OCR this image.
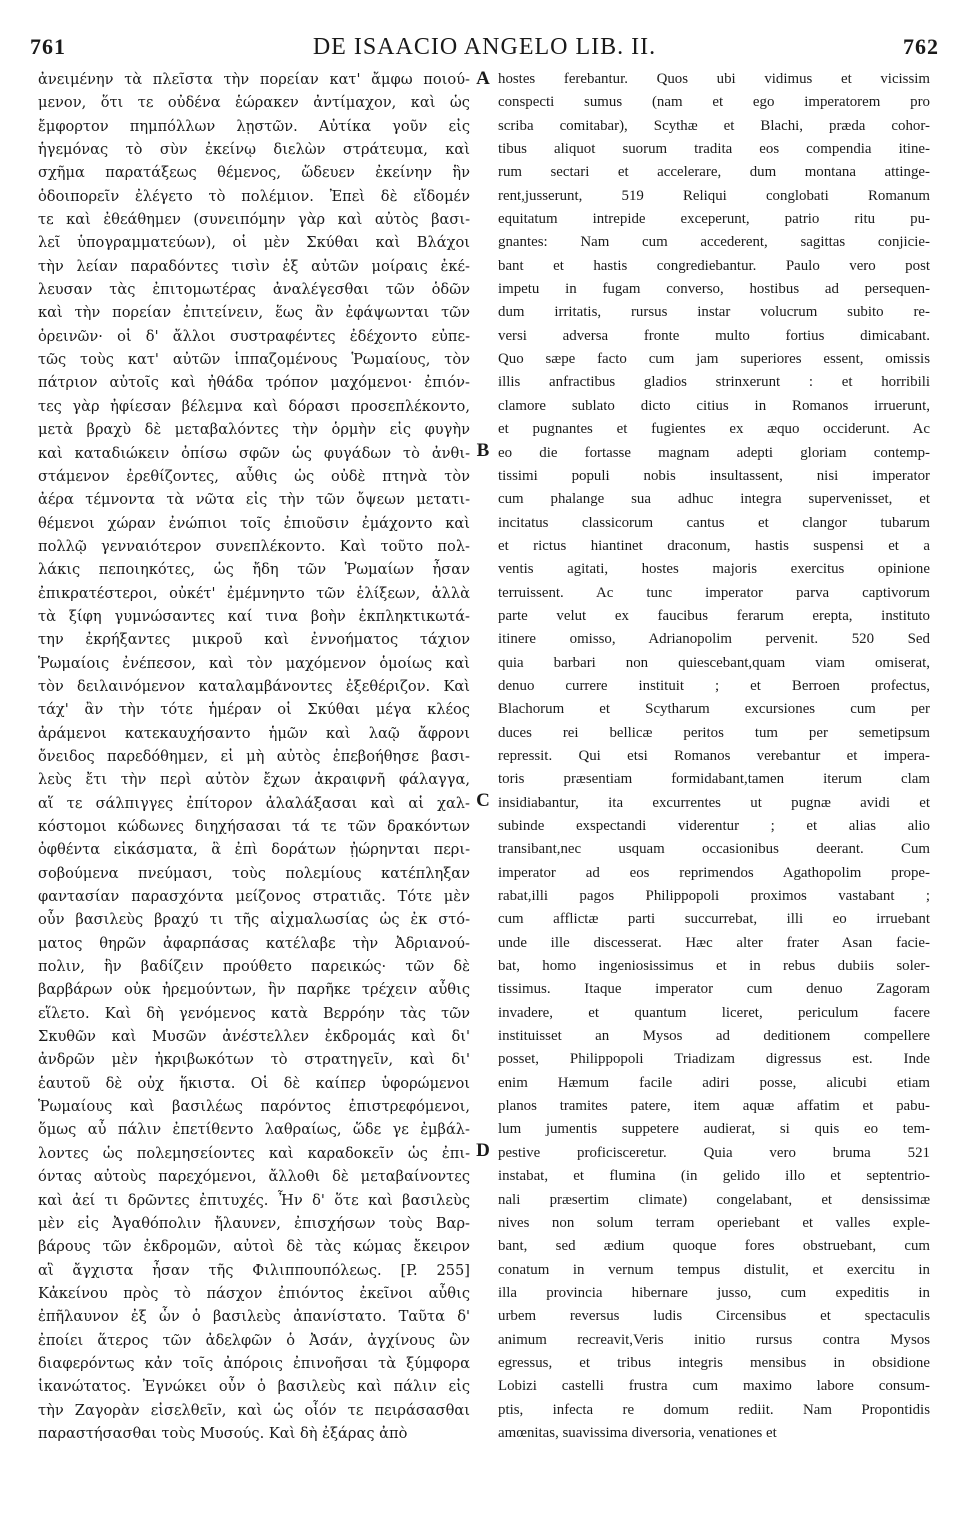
761	DE ISAACIO ANGELO LIB. II.	762
ἀνειμένην τὰ πλεῖστα τὴν πορείαν κατ' ἄμφω ποιού-
μενον, ὅτι τε οὐδένα ἑώρακεν ἀντίμαχον, καὶ ὡς
ἔμφορτον πημπόλλων λῃστῶν. Αὐτίκα γοῦν εἰς
ἡγεμόνας τὸ σὺν ἐκείνῳ διελὼν στράτευμα, καὶ
σχῆμα παρατάξεως θέμενος, ὥδευεν ἐκείνην ἣν
ὁδοιπορεῖν ἐλέγετο τὸ πολέμιον. Ἐπεὶ δὲ εἴδομέν
τε καὶ ἐθεάθημεν (συνειπόμην γὰρ καὶ αὐτὸς βασι-
λεῖ ὑπογραμματεύων), οἱ μὲν Σκύθαι καὶ Βλάχοι
τὴν λείαν παραδόντες τισὶν ἐξ αὐτῶν μοίραις ἐκέ-
λευσαν τὰς ἐπιτομωτέρας ἀναλέγεσθαι τῶν ὁδῶν
καὶ τὴν πορείαν ἐπιτείνειν, ἕως ἂν ἐφάψωνται τῶν
ὀρεινῶν· οἱ δ' ἄλλοι συστραφέντες ἐδέχοντο εὐπε-
τῶς τοὺς κατ' αὐτῶν ἱππαζομένους Ῥωμαίους, τὸν
πάτριον αὐτοῖς καὶ ἠθάδα τρόπον μαχόμενοι· ἐπιόν-
τες γὰρ ἠφίεσαν βέλεμνα καὶ δόρασι προσεπλέκοντο,
μετὰ βραχὺ δὲ μεταβαλόντες τὴν ὁρμὴν εἰς φυγὴν
καὶ καταδιώκειν ὀπίσω σφῶν ὡς φυγάδων τὸ ἀνθι-
στάμενον ἐρεθίζοντες, αὖθις ὡς οὐδὲ πτηνὰ τὸν
ἀέρα τέμνοντα τὰ νῶτα εἰς τὴν τῶν ὄψεων μετατι-
θέμενοι χώραν ἐνώπιοι τοῖς ἐπιοῦσιν ἐμάχοντο καὶ
πολλῷ γενναιότερον συνεπλέκοντο. Καὶ τοῦτο πολ-
λάκις πεποιηκότες, ὡς ἤδη τῶν Ῥωμαίων ἦσαν
ἐπικρατέστεροι, οὐκέτ' ἐμέμνηντο τῶν ἑλίξεων, ἀλλὰ
τὰ ξίφη γυμνώσαντες καί τινα βοὴν ἐκπληκτικωτά-
την ἐκρήξαντες μικροῦ καὶ ἐννοήματος τάχιον
Ῥωμαίοις ἐνέπεσον, καὶ τὸν μαχόμενον ὁμοίως καὶ
τὸν δειλαινόμενον καταλαμβάνοντες ἐξεθέριζον. Καὶ
τάχ' ἂν τὴν τότε ἡμέραν οἱ Σκύθαι μέγα κλέος
ἀράμενοι κατεκαυχήσαντο ἡμῶν καὶ λαῷ ἄφρονι
ὄνειδος παρεδόθημεν, εἰ μὴ αὐτὸς ἐπεβοήθησε βασι-
λεὺς ἔτι τὴν περὶ αὐτὸν ἔχων ἀκραιφνῆ φάλαγγα,
αἵ τε σάλπιγγες ἐπίτορον ἀλαλάξασαι καὶ αἱ χαλ-
κόστομοι κώδωνες διηχήσασαι τά τε τῶν δρακόντων
ὀφθέντα εἰκάσματα, ἃ ἐπὶ δοράτων ᾐώρηνται περι-
σοβούμενα πνεύμασι, τοὺς πολεμίους κατέπληξαν
φαντασίαν παρασχόντα μείζονος στρατιᾶς. Τότε μὲν
οὖν βασιλεὺς βραχύ τι τῆς αἰχμαλωσίας ὡς ἐκ στό-
ματος θηρῶν ἀφαρπάσας κατέλαβε τὴν Ἀδριανού-
πολιν, ἣν βαδίζειν προύθετο παρεικώς· τῶν δὲ
βαρβάρων οὐκ ἠρεμούντων, ἣν παρῆκε τρέχειν αὖθις
εἵλετο. Καὶ δὴ γενόμενος κατὰ Βερρόην τὰς τῶν
Σκυθῶν καὶ Μυσῶν ἀνέστελλεν ἐκδρομάς καὶ δι'
ἀνδρῶν μὲν ἠκριβωκότων τὸ στρατηγεῖν, καὶ δι'
ἑαυτοῦ δὲ οὐχ ἥκιστα. Οἱ δὲ καίπερ ὑφορώμενοι
Ῥωμαίους καὶ βασιλέως παρόντος ἐπιστρεφόμενοι,
ὅμως αὖ πάλιν ἐπετίθεντο λαθραίως, ὥδε γε ἐμβάλ-
λοντες ὡς πολεμησείοντες καὶ καραδοκεῖν ὡς ἐπι-
όντας αὐτοὺς παρεχόμενοι, ἄλλοθι δὲ μεταβαίνοντες
καὶ ἀεί τι δρῶντες ἐπιτυχές. Ἦν δ' ὅτε καὶ βασιλεὺς
μὲν εἰς Ἀγαθόπολιν ἤλαυνεν, ἐπισχήσων τοὺς Βαρ-
βάρους τῶν ἐκδρομῶν, αὐτοὶ δὲ τὰς κώμας ἔκειρον
αἳ ἄγχιστα ἦσαν τῆς Φιλιππουπόλεως. [P. 255]
Κἀκείνου πρὸς τὸ πάσχον ἐπιόντος ἐκεῖνοι αὖθις
ἐπῆλαυνον ἐξ ὧν ὁ βασιλεὺς ἀπανίστατο. Ταῦτα δ'
ἐποίει ἅτερος τῶν ἀδελφῶν ὁ Ἀσάν, ἀγχίνους ὢν
διαφερόντως κἀν τοῖς ἀπόροις ἐπινοῆσαι τὰ ξύμφορα
ἱκανώτατος. Ἐγνώκει οὖν ὁ βασιλεὺς καὶ πάλιν εἰς
τὴν Ζαγορὰν εἰσελθεῖν, καὶ ὡς οἷόν τε πειράσασθαι
παραστήσασθαι τοὺς Μυσούς. Καὶ δὴ ἐξάρας ἀπὸ
hostes ferebantur. Quos ubi vidimus et vicissim
conspecti sumus (nam et ego imperatorem pro
scriba comitabar), Scythæ et Blachi, præda cohor-
tibus aliquot suorum tradita eos compendia itine-
rum sectari et accelerare, dum montana attinge-
rent,jusserunt, 519 Reliqui conglobati Romanum
equitatum intrepide exceperunt, patrio ritu pu-
gnantes: Nam cum accederent, sagittas conjicie-
bant et hastis congrediebantur. Paulo vero post
impetu in fugam converso, hostibus ad persequen-
dum irritatis, rursus instar volucrum subito re-
versi adversa fronte multo fortius dimicabant.
Quo sæpe facto cum jam superiores essent, omissis
illis anfractibus gladios strinxerunt : et horribili
clamore sublato dicto citius in Romanos irruerunt,
et pugnantes et fugientes ex æquo occiderunt. Ac
eo die fortasse magnam adepti gloriam contemp-
tissimi populi nobis insultassent, nisi imperator
cum phalange sua adhuc integra supervenisset, et
incitatus classicorum cantus et clangor tubarum
et rictus hiantinet draconum, hastis suspensi et a
ventis agitati, hostes majoris exercitus opinione
terruissent. Ac tunc imperator parva captivorum
parte velut ex faucibus ferarum erepta, instituto
itinere omisso, Adrianopolim pervenit. 520 Sed
quia barbari non quiescebant,quam viam omiserat,
denuo currere instituit ; et Berroen profectus,
Blachorum et Scytharum excursiones cum per
duces rei bellicæ peritos tum per semetipsum
repressit. Qui etsi Romanos verebantur et impera-
toris præsentiam formidabant,tamen iterum clam
insidiabantur, ita excurrentes ut pugnæ avidi et
subinde exspectandi viderentur ; et alias alio
transibant,nec usquam occasionibus deerant. Cum
imperator ad eos reprimendos Agathopolim prope-
rabat,illi pagos Philippopoli proximos vastabant ;
cum afflictæ parti succurrebat, illi eo irruebant
unde ille discesserat. Hæc alter frater Asan facie-
bat, homo ingeniosissimus et in rebus dubiis soler-
tissimus. Itaque imperator cum denuo Zagoram
invadere, et quantum liceret, periculum facere
instituisset an Mysos ad deditionem compellere
posset, Philippopoli Triadizam digressus est. Inde
enim Hæmum facile adiri posse, alicubi etiam
planos tramites patere, item aquæ affatim et pabu-
lum jumentis suppetere audierat, si quis eo tem-
pestive proficisceretur. Quia vero bruma 521
instabat, et flumina (in gelido illo et septentrio-
nali præsertim climate) congelabant, et densissimæ
nives non solum terram operiebant et valles exple-
bant, sed ædium quoque fores obstruebant, cum
conatum in vernum tempus distulit, et exercitu in
illa provincia hibernare jusso, cum expeditis in
urbem reversus ludis Circensibus et spectaculis
animum recreavit,Veris initio rursus contra Mysos
egressus, et tribus integris mensibus in obsidione
Lobizi castelli frustra cum maximo labore consum-
ptis, infecta re domum rediit. Nam Propontidis
amœnitas, suavissima diversoria, venationes et
A
B
C
D
